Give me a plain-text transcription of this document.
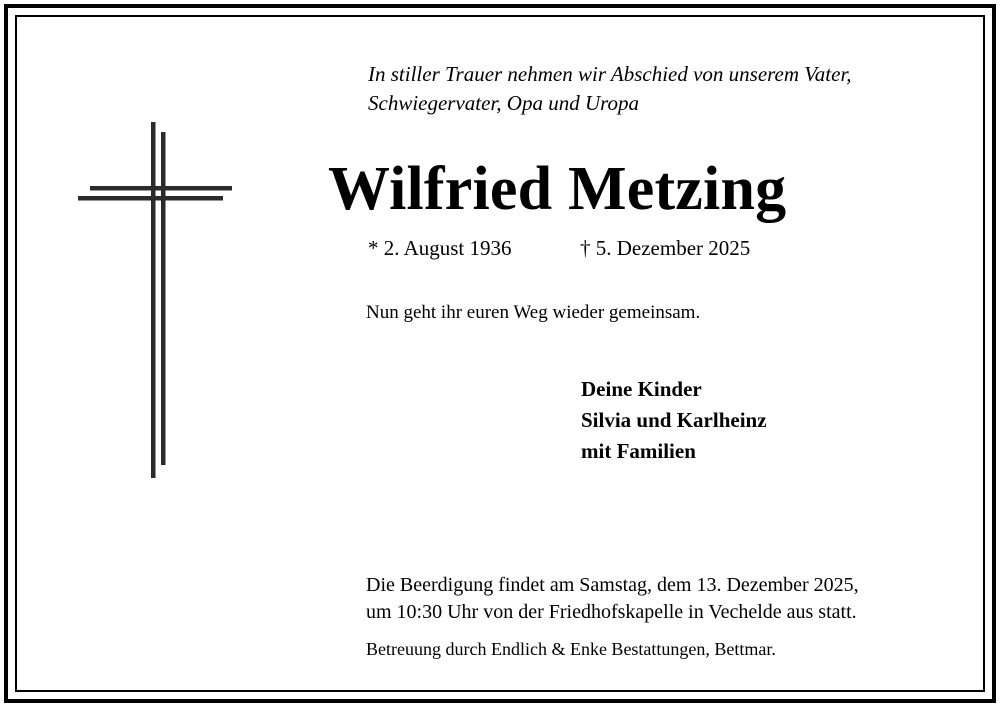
In stiller Trauer nehmen wir Abschied von unserem Vater,
Schwiegervater, Opa und Uropa
Wilfried Metzing
* 2. August 1936	† 5. Dezember 2025
Nun geht ihr euren Weg wieder gemeinsam.
Deine Kinder
Silvia und Karlheinz
mit Familien
Die Beerdigung findet am Samstag, dem 13. Dezember 2025,
um 10:30 Uhr von der Friedhofskapelle in Vechelde aus statt.
Betreuung durch Endlich & Enke Bestattungen, Bettmar.
